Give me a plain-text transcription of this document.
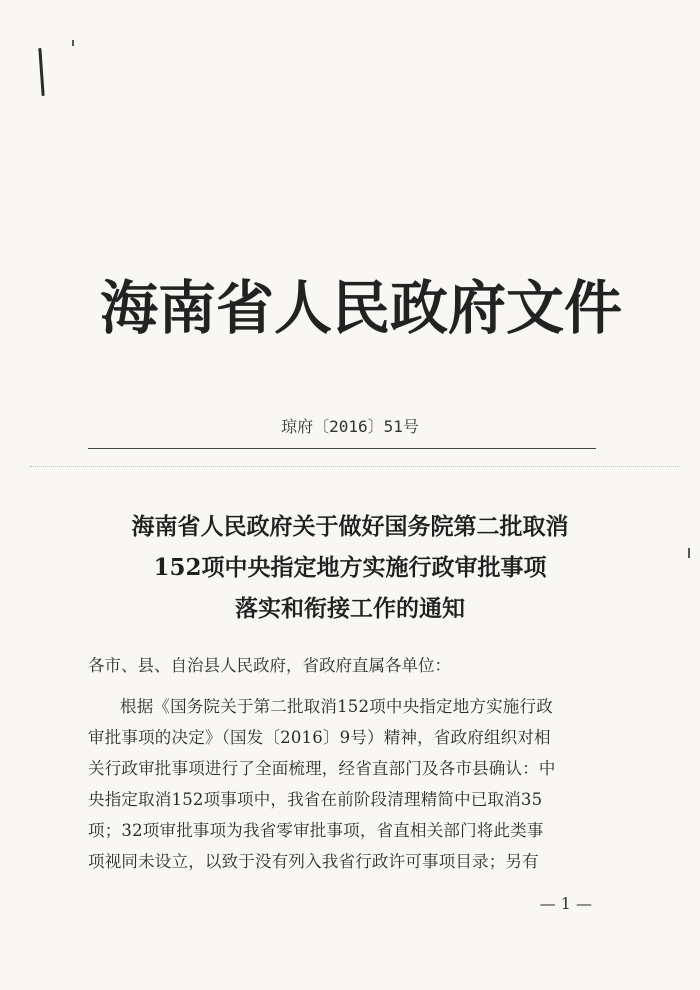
海南省人民政府文件
琼府〔2016〕51号
海南省人民政府关于做好国务院第二批取消
152项中央指定地方实施行政审批事项
落实和衔接工作的通知
各市、县、自治县人民政府，省政府直属各单位：
根据《国务院关于第二批取消152项中央指定地方实施行政
审批事项的决定》（国发〔2016〕9号）精神，省政府组织对相
关行政审批事项进行了全面梳理，经省直部门及各市县确认：中
央指定取消152项事项中，我省在前阶段清理精简中已取消35
项；32项审批事项为我省零审批事项，省直相关部门将此类事
项视同未设立，以致于没有列入我省行政许可事项目录；另有
— 1 —
